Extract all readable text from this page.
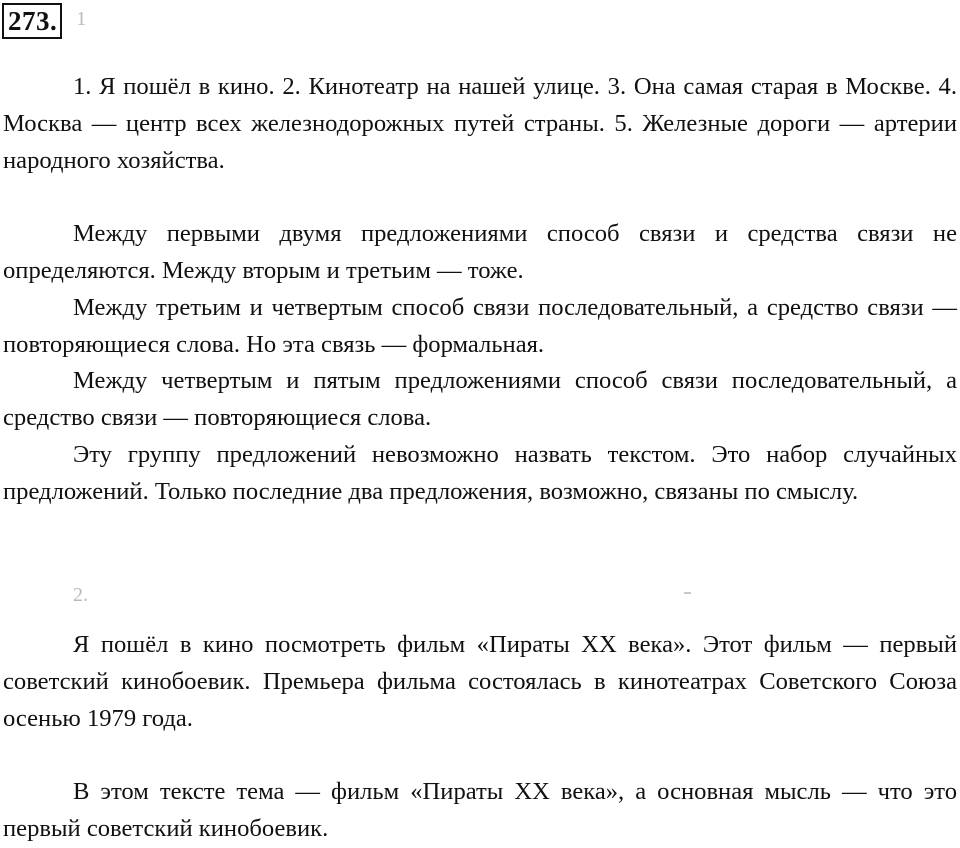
273. 1

1. Я пошёл в кино. 2. Кинотеатр на нашей улице. 3. Она самая старая в Москве. 4. Москва — центр всех железнодорожных путей страны. 5. Железные дороги — артерии народного хозяйства.

Между первыми двумя предложениями способ связи и средства связи не определяются. Между вторым и третьим — тоже.

Между третьим и четвертым способ связи последовательный, а средство связи — повторяющиеся слова. Но эта связь — формальная.

Между четвертым и пятым предложениями способ связи последовательный, а средство связи — повторяющиеся слова.

Эту группу предложений невозможно назвать текстом. Это набор случайных предложений. Только последние два предложения, возможно, связаны по смыслу.

2.

Я пошёл в кино посмотреть фильм «Пираты XX века». Этот фильм — первый советский кинобоевик. Премьера фильма состоялась в кинотеатрах Советского Союза осенью 1979 года.

В этом тексте тема — фильм «Пираты XX века», а основная мысль — что это первый советский кинобоевик.
